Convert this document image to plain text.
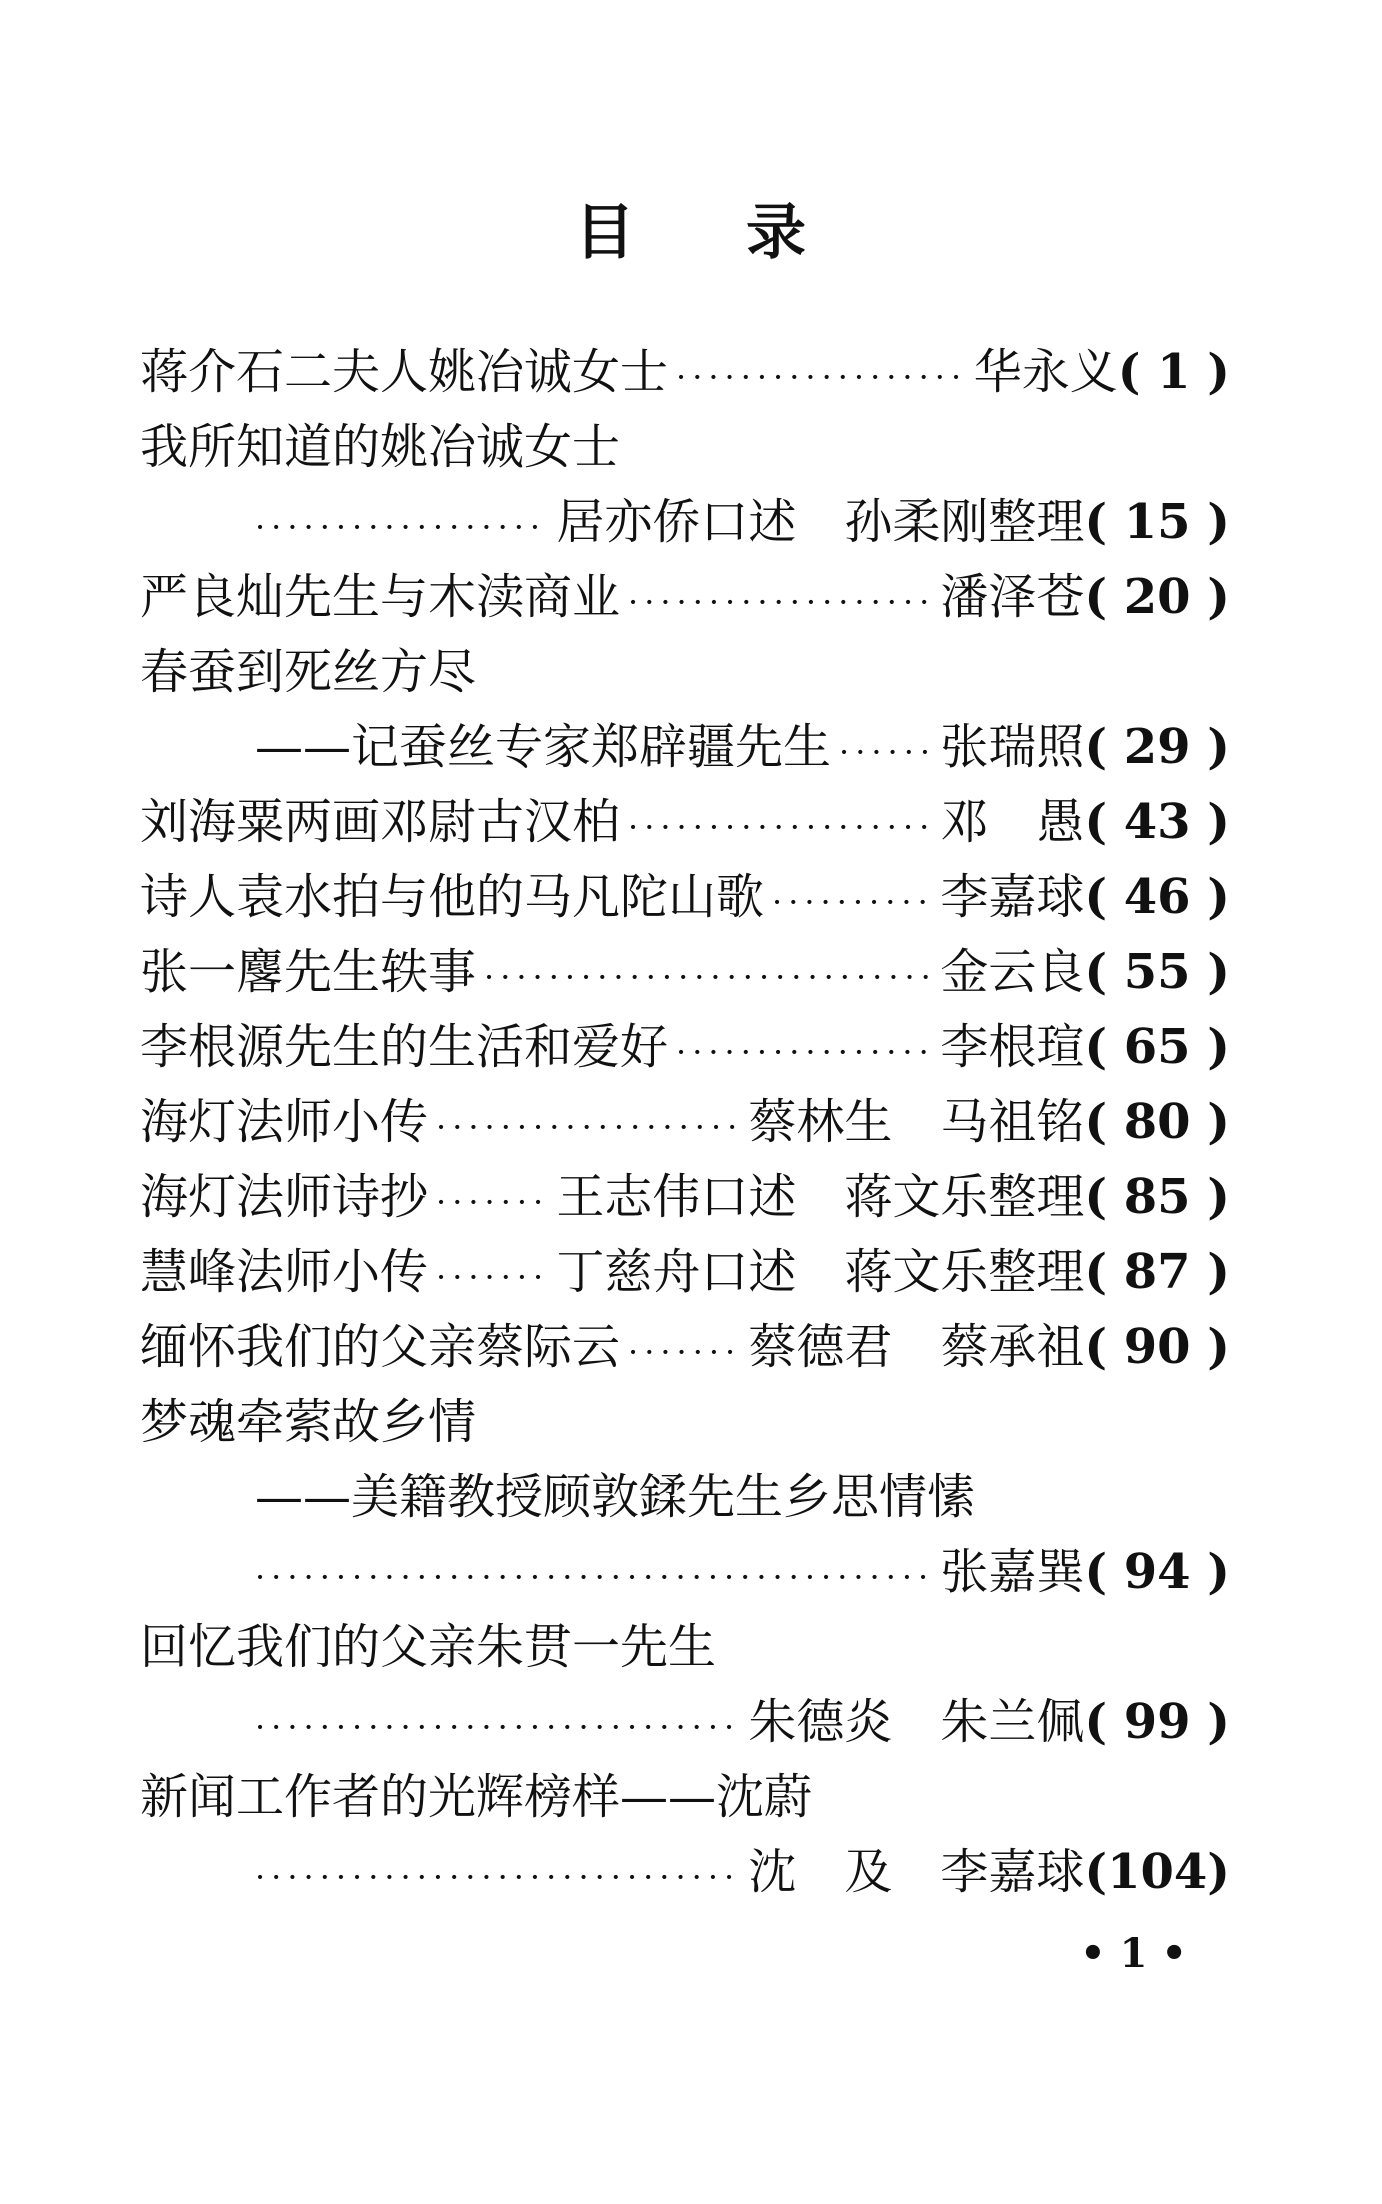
目 录
蒋介石二夫人姚冶诚女士 ·····	华永义 ( 1 )
我所知道的姚冶诚女士
·····
居亦侨口述　孙柔刚整理 ( 15 )
严良灿先生与木渎商业 ·····	潘泽苍 ( 20 )
春蚕到死丝方尽
——记蚕丝专家郑辟疆先生 ····· 张瑞照 ( 29 )
刘海粟两画邓尉古汉柏 ·····	邓　愚 ( 43 )
诗人袁水拍与他的马凡陀山歌 ·····	李嘉球 ( 46 )
张一麐先生轶事 ·····	金云良 ( 55 )
李根源先生的生活和爱好 ·····	李根瑄 ( 65 )
海灯法师小传 ·····	蔡林生　马祖铭 ( 80 )
海灯法师诗抄 ·····	王志伟口述　蒋文乐整理 ( 85 )
慧峰法师小传 ·····	丁慈舟口述　蒋文乐整理 ( 87 )
缅怀我们的父亲蔡际云 ·····	蔡德君　蔡承祖 ( 90 )
梦魂牵萦故乡情
——美籍教授顾敦鍒先生乡思情愫
·····
张嘉巽 ( 94 )
回忆我们的父亲朱贯一先生
·····
朱德炎　朱兰佩 ( 99 )
新闻工作者的光辉榜样——沈蔚
·····
沈　及　李嘉球 (104)
• 1 •
